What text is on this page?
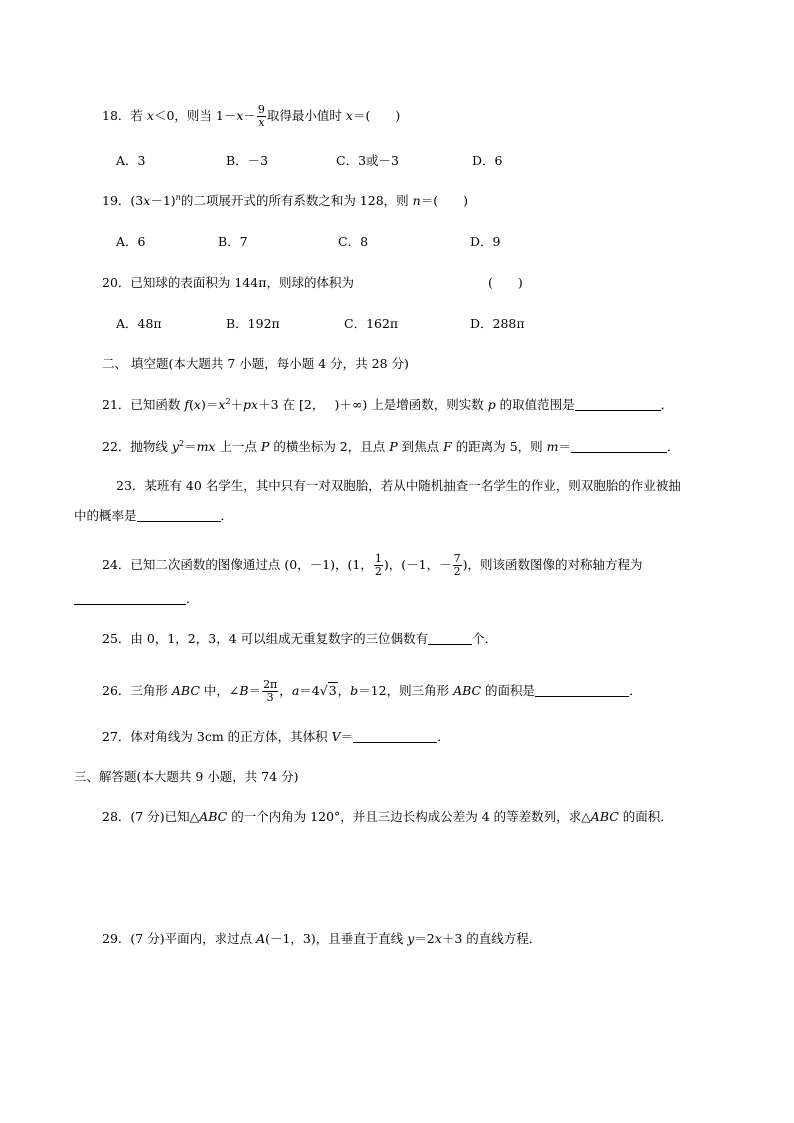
18．若 x＜0，则当 $1-x- \frac{9}{x}$ 取得最小值时 x＝(　　)
A．3	B．－3	C．3或－3	D．6
19．$(3x-1)^n$的二项展开式的所有系数之和为 128，则 n＝(　　)
A．6	B．7	C．8	D．9
20．已知球的表面积为 144π，则球的体积为	(　　)
A．48π	B．192π	C．162π	D．288π
二、 填空题(本大题共 7 小题，每小题 4 分，共 28 分)
21．已知函数 $f(x)=x^2+px+3$ 在 [2，　 )＋∞) 上是增函数，则实数 p 的取值范围是	．
22．抛物线 $y^2=mx$ 上一点 P 的横坐标为 2，且点 P 到焦点 F 的距离为 5，则 m＝	．
23．某班有 40 名学生，其中只有一对双胞胎，若从中随机抽查一名学生的作业，则双胞胎的作业被抽
中的概率是	．
24．已知二次函数的图像通过点 (0，－1)，(1， $\frac{1}{2}$ )，(－1，－ $\frac{7}{2}$ )，则该函数图像的对称轴方程为
．
25．由 0，1，2，3，4 可以组成无重复数字的三位偶数有	个．
26．三角形 ABC 中，∠B＝ $\frac{2\pi}{3}$ ，a＝4√3，b＝12，则三角形 ABC 的面积是	．
27．体对角线为 3cm 的正方体，其体积 V＝	．
三、解答题(本大题共 9 小题，共 74 分)
28．(7 分)已知△ABC 的一个内角为 120°，并且三边长构成公差为 4 的等差数列，求△ABC 的面积．
29．(7 分)平面内，求过点 A(－1，3)，且垂直于直线 y＝2x＋3 的直线方程．
